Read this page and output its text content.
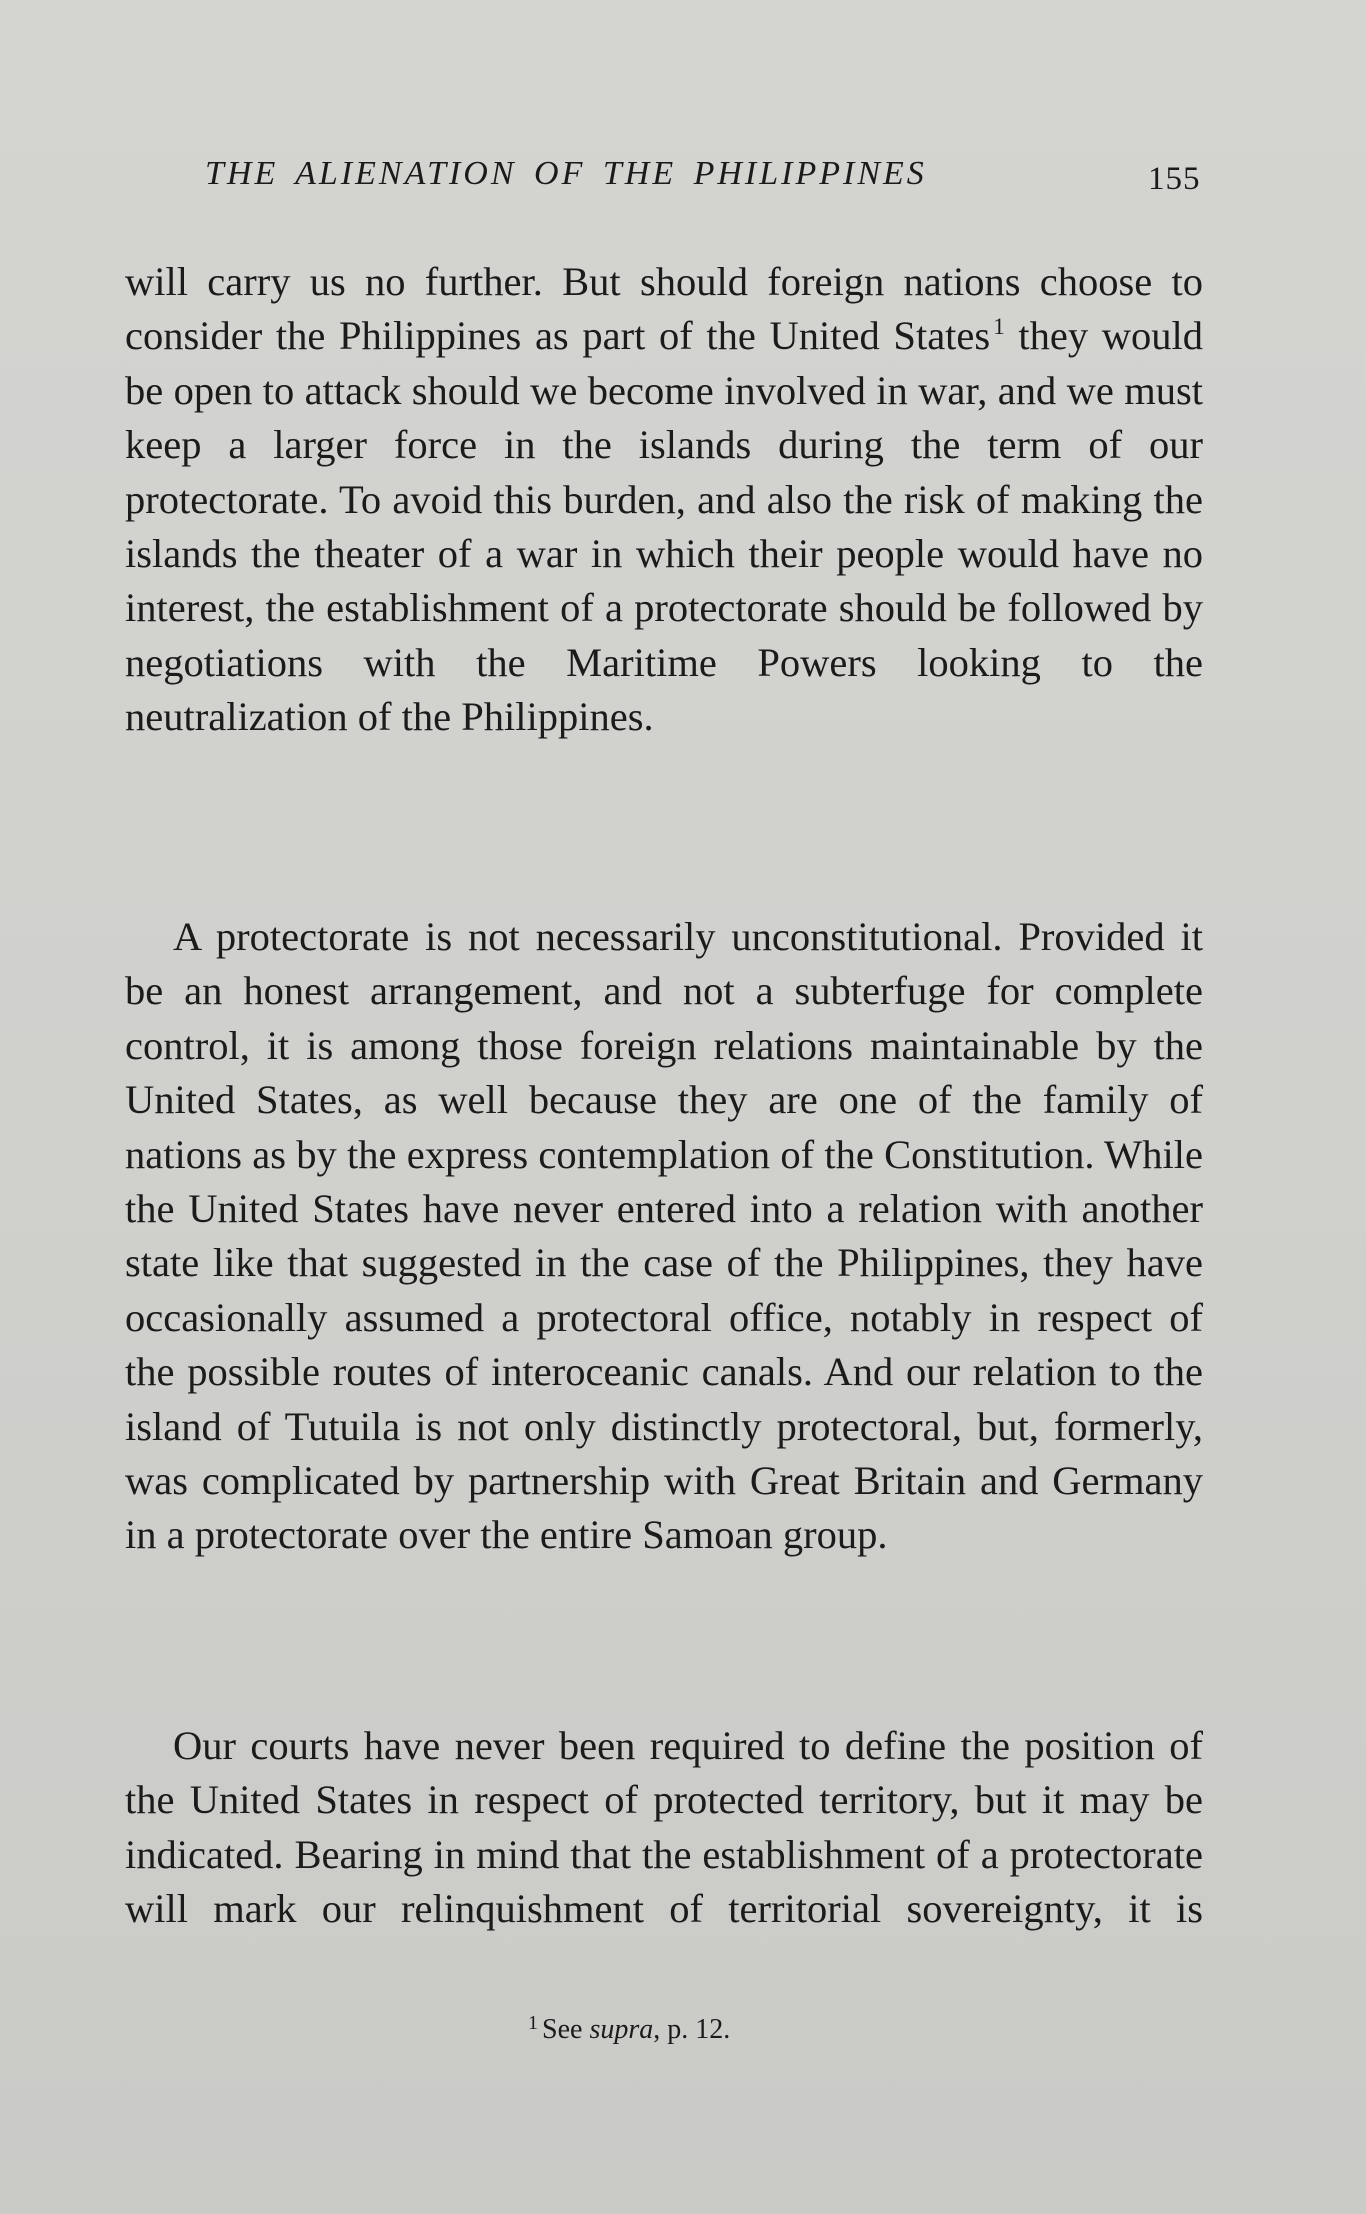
THE ALIENATION OF THE PHILIPPINES	155

will carry us no further. But should foreign nations choose to consider the Philippines as part of the United States $^1$ they would be open to attack should we become involved in war, and we must keep a larger force in the islands during the term of our protectorate. To avoid this burden, and also the risk of making the islands the theater of a war in which their people would have no interest, the establishment of a protectorate should be followed by negotiations with the Maritime Powers looking to the neutralization of the Philippines.

A protectorate is not necessarily unconstitutional. Provided it be an honest arrangement, and not a subterfuge for complete control, it is among those foreign relations maintainable by the United States, as well because they are one of the family of nations as by the express contemplation of the Constitution. While the United States have never entered into a relation with another state like that suggested in the case of the Philippines, they have occasionally assumed a protectoral office, notably in respect of the possible routes of interoceanic canals. And our relation to the island of Tutuila is not only distinctly protectoral, but, formerly, was complicated by partnership with Great Britain and Germany in a protectorate over the entire Samoan group.

Our courts have never been required to define the position of the United States in respect of protected territory, but it may be indicated. Bearing in mind that the establishment of a protectorate will mark our relinquishment of territorial sovereignty, it is

$^1$ See supra, p. 12.
